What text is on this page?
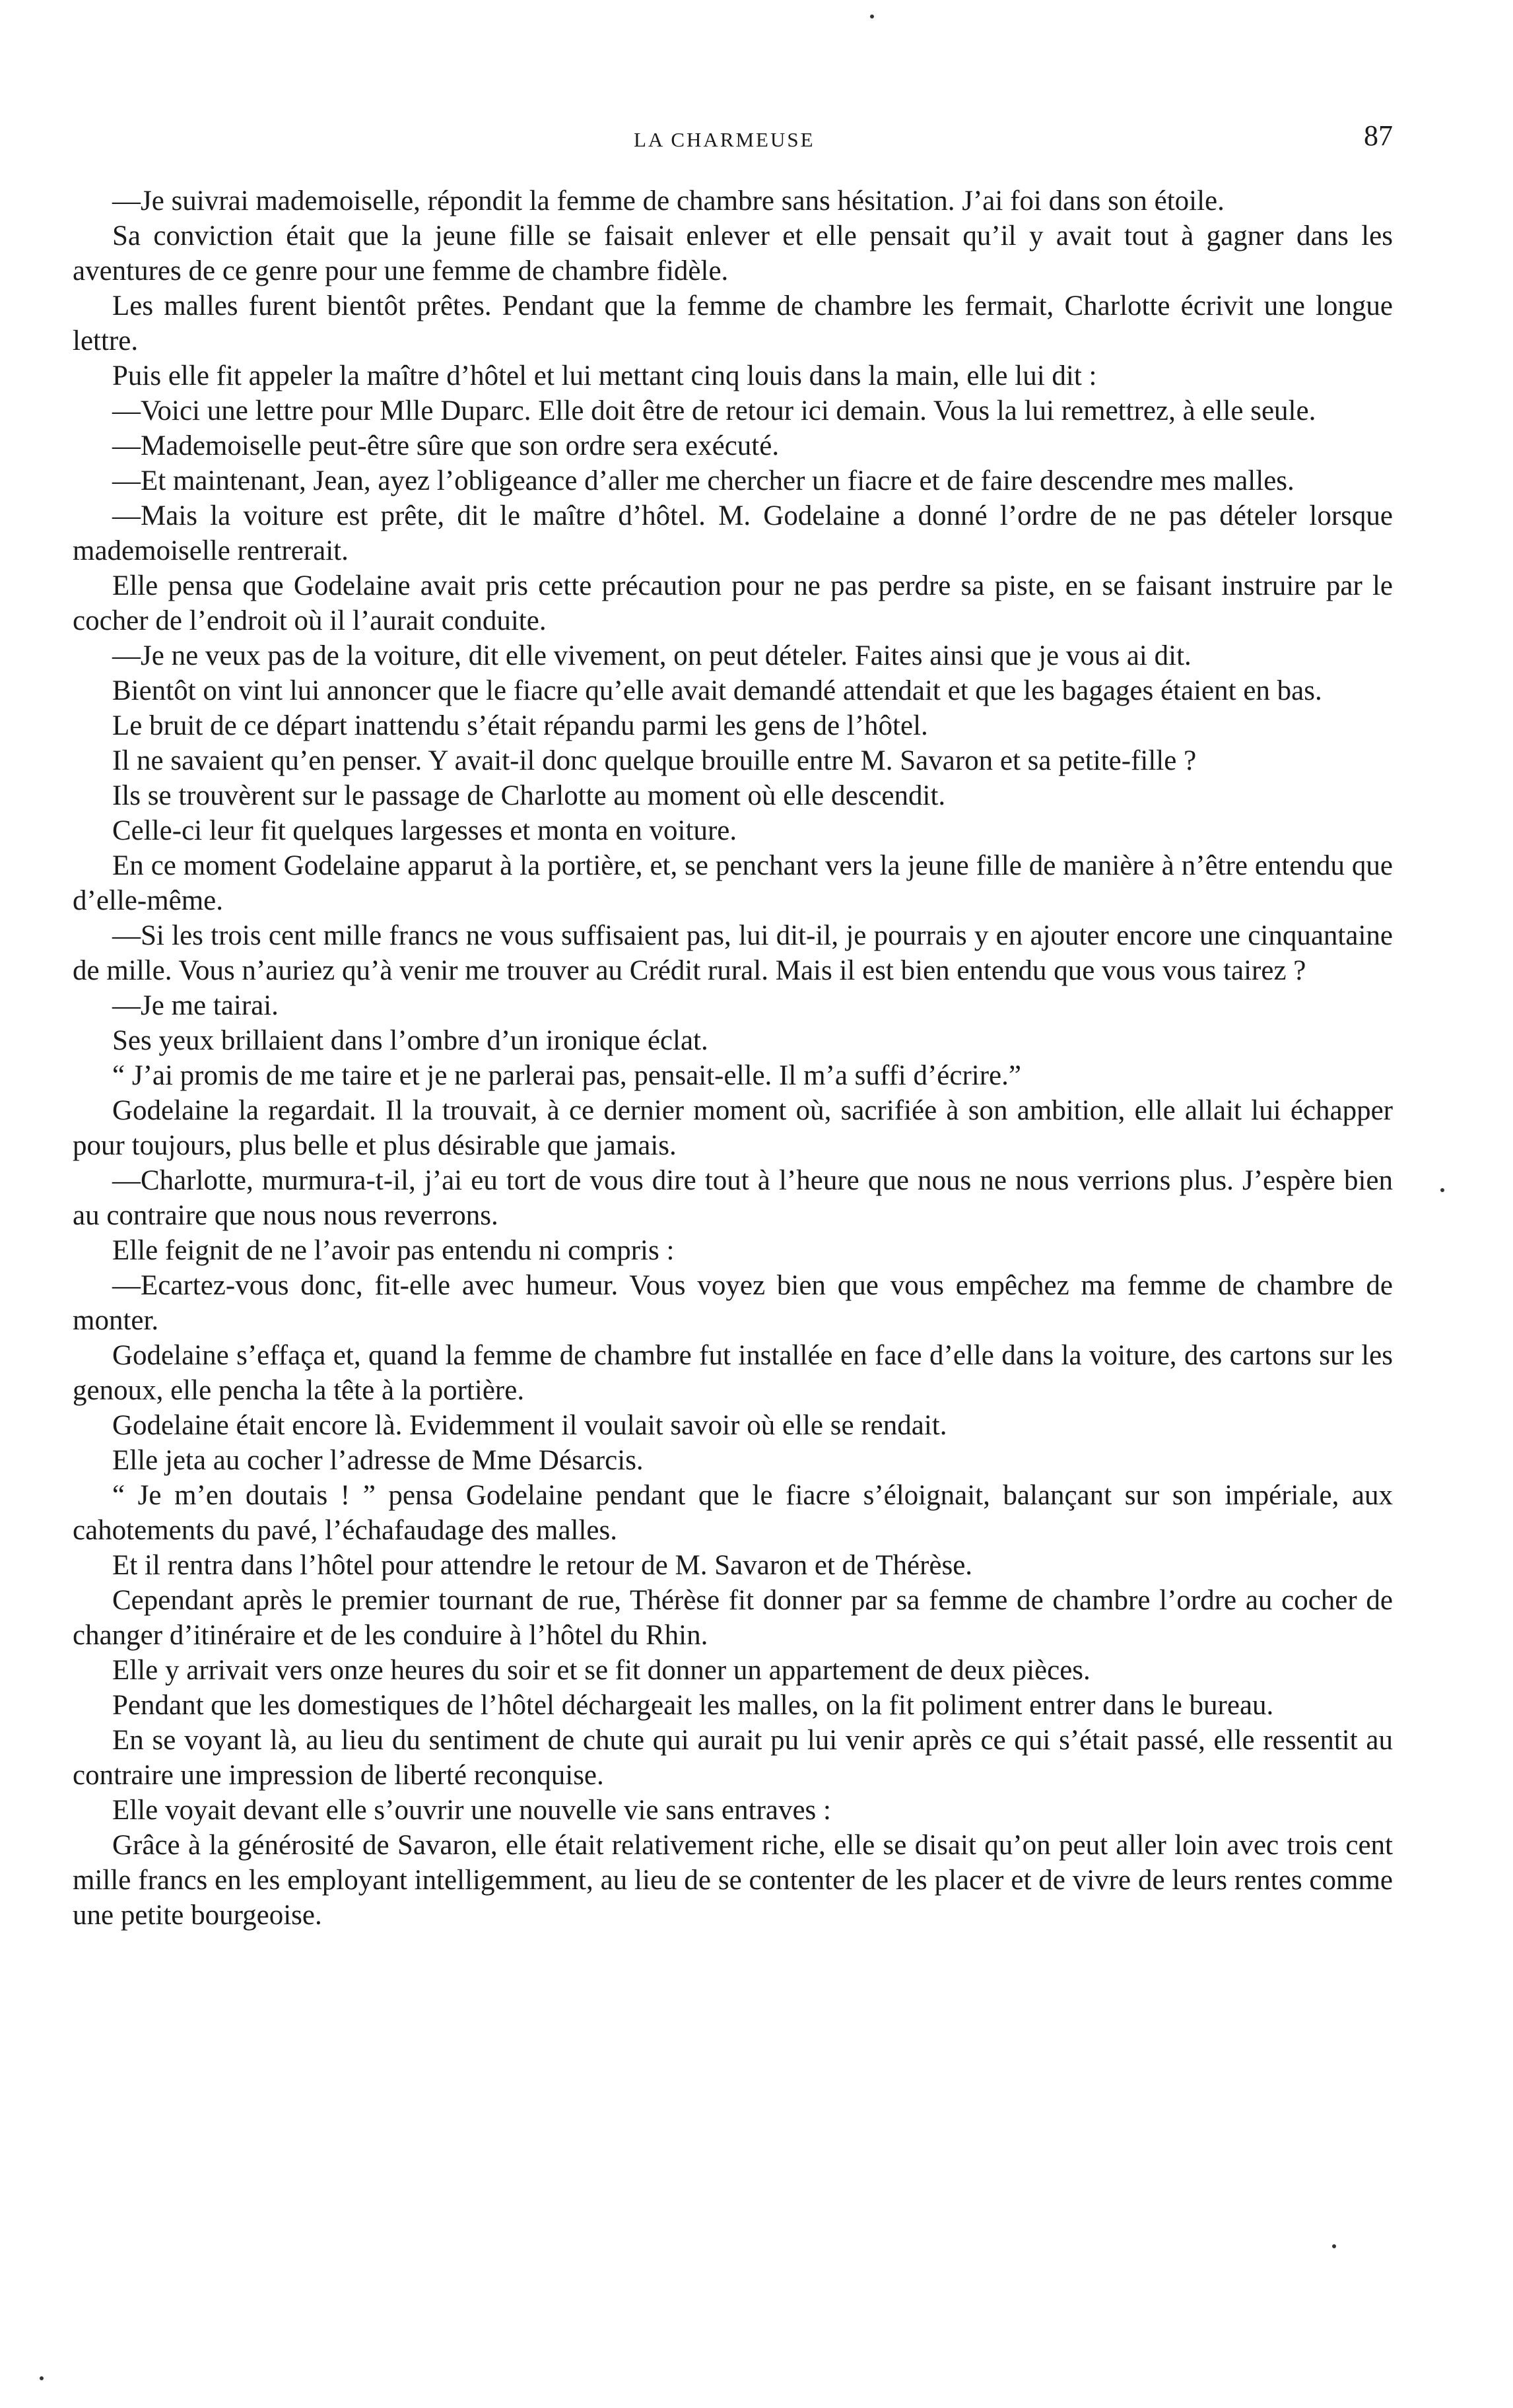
LA CHARMEUSE	87

—Je suivrai mademoiselle, répondit la femme de chambre sans hésitation. J’ai foi dans son étoile.

Sa conviction était que la jeune fille se faisait enlever et elle pensait qu’il y avait tout à gagner dans les aventures de ce genre pour une femme de chambre fidèle.

Les malles furent bientôt prêtes. Pendant que la femme de chambre les fermait, Charlotte écrivit une longue lettre.

Puis elle fit appeler la maître d’hôtel et lui mettant cinq louis dans la main, elle lui dit :

—Voici une lettre pour Mlle Duparc. Elle doit être de retour ici demain. Vous la lui remettrez, à elle seule.

—Mademoiselle peut-être sûre que son ordre sera exécuté.

—Et maintenant, Jean, ayez l’obligeance d’aller me chercher un fiacre et de faire descendre mes malles.

—Mais la voiture est prête, dit le maître d’hôtel. M. Godelaine a donné l’ordre de ne pas dételer lorsque mademoiselle rentrerait.

Elle pensa que Godelaine avait pris cette précaution pour ne pas perdre sa piste, en se faisant instruire par le cocher de l’endroit où il l’aurait conduite.

—Je ne veux pas de la voiture, dit elle vivement, on peut dételer. Faites ainsi que je vous ai dit.

Bientôt on vint lui annoncer que le fiacre qu’elle avait demandé attendait et que les bagages étaient en bas.

Le bruit de ce départ inattendu s’était répandu parmi les gens de l’hôtel.

Il ne savaient qu’en penser. Y avait-il donc quelque brouille entre M. Savaron et sa petite-fille ?

Ils se trouvèrent sur le passage de Charlotte au moment où elle descendit.

Celle-ci leur fit quelques largesses et monta en voiture.

En ce moment Godelaine apparut à la portière, et, se penchant vers la jeune fille de manière à n’être entendu que d’elle-même.

—Si les trois cent mille francs ne vous suffisaient pas, lui dit-il, je pourrais y en ajouter encore une cinquantaine de mille. Vous n’auriez qu’à venir me trouver au Crédit rural. Mais il est bien entendu que vous vous tairez ?

—Je me tairai.

Ses yeux brillaient dans l’ombre d’un ironique éclat.

“ J’ai promis de me taire et je ne parlerai pas, pensait-elle. Il m’a suffi d’écrire.”

Godelaine la regardait. Il la trouvait, à ce dernier moment où, sacrifiée à son ambition, elle allait lui échapper pour toujours, plus belle et plus désirable que jamais.

—Charlotte, murmura-t-il, j’ai eu tort de vous dire tout à l’heure que nous ne nous verrions plus. J’espère bien au contraire que nous nous reverrons.

Elle feignit de ne l’avoir pas entendu ni compris :

—Ecartez-vous donc, fit-elle avec humeur. Vous voyez bien que vous empêchez ma femme de chambre de monter.

Godelaine s’effaça et, quand la femme de chambre fut installée en face d’elle dans la voiture, des cartons sur les genoux, elle pencha la tête à la portière.

Godelaine était encore là. Evidemment il voulait savoir où elle se rendait.

Elle jeta au cocher l’adresse de Mme Désarcis.

“ Je m’en doutais ! ” pensa Godelaine pendant que le fiacre s’éloignait, balançant sur son impériale, aux cahotements du pavé, l’échafaudage des malles.

Et il rentra dans l’hôtel pour attendre le retour de M. Savaron et de Thérèse.

Cependant après le premier tournant de rue, Thérèse fit donner par sa femme de chambre l’ordre au cocher de changer d’itinéraire et de les conduire à l’hôtel du Rhin.

Elle y arrivait vers onze heures du soir et se fit donner un appartement de deux pièces.

Pendant que les domestiques de l’hôtel déchargeait les malles, on la fit poliment entrer dans le bureau.

En se voyant là, au lieu du sentiment de chute qui aurait pu lui venir après ce qui s’était passé, elle ressentit au contraire une impression de liberté reconquise.

Elle voyait devant elle s’ouvrir une nouvelle vie sans entraves :

Grâce à la générosité de Savaron, elle était relativement riche, elle se disait qu’on peut aller loin avec trois cent mille francs en les employant intelligemment, au lieu de se contenter de les placer et de vivre de leurs rentes comme une petite bourgeoise.
